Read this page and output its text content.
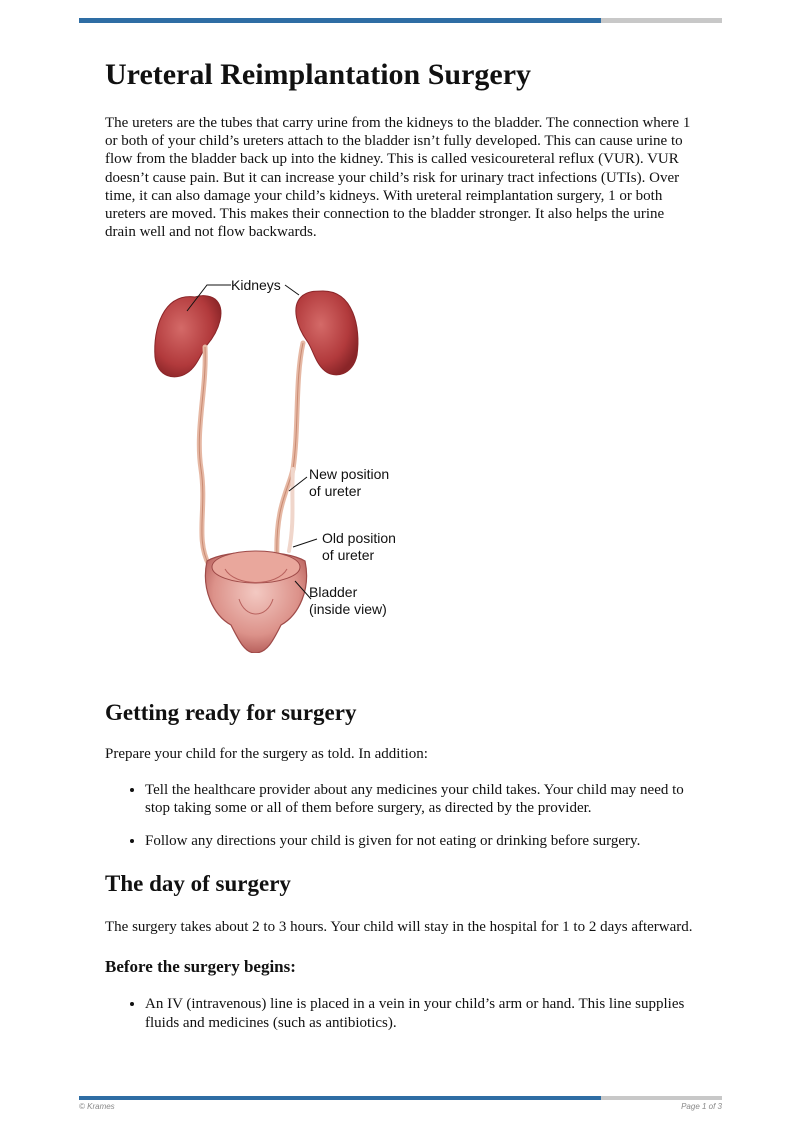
Ureteral Reimplantation Surgery

The ureters are the tubes that carry urine from the kidneys to the bladder. The connection where 1 or both of your child’s ureters attach to the bladder isn’t fully developed. This can cause urine to flow from the bladder back up into the kidney. This is called vesicoureteral reflux (VUR). VUR doesn’t cause pain. But it can increase your child’s risk for urinary tract infections (UTIs). Over time, it can also damage your child’s kidneys. With ureteral reimplantation surgery, 1 or both ureters are moved. This makes their connection to the bladder stronger. It also helps the urine drain well and not flow backwards.

Kidneys
New position
of ureter
Old position
of ureter
Bladder
(inside view)
Getting ready for surgery

Prepare your child for the surgery as told. In addition:

• Tell the healthcare provider about any medicines your child takes. Your child may need to stop taking some or all of them before surgery, as directed by the provider.
• Follow any directions your child is given for not eating or drinking before surgery.
The day of surgery

The surgery takes about 2 to 3 hours. Your child will stay in the hospital for 1 to 2 days afterward.

Before the surgery begins:
• An IV (intravenous) line is placed in a vein in your child’s arm or hand. This line supplies fluids and medicines (such as antibiotics).
© Krames	Page 1 of 3
